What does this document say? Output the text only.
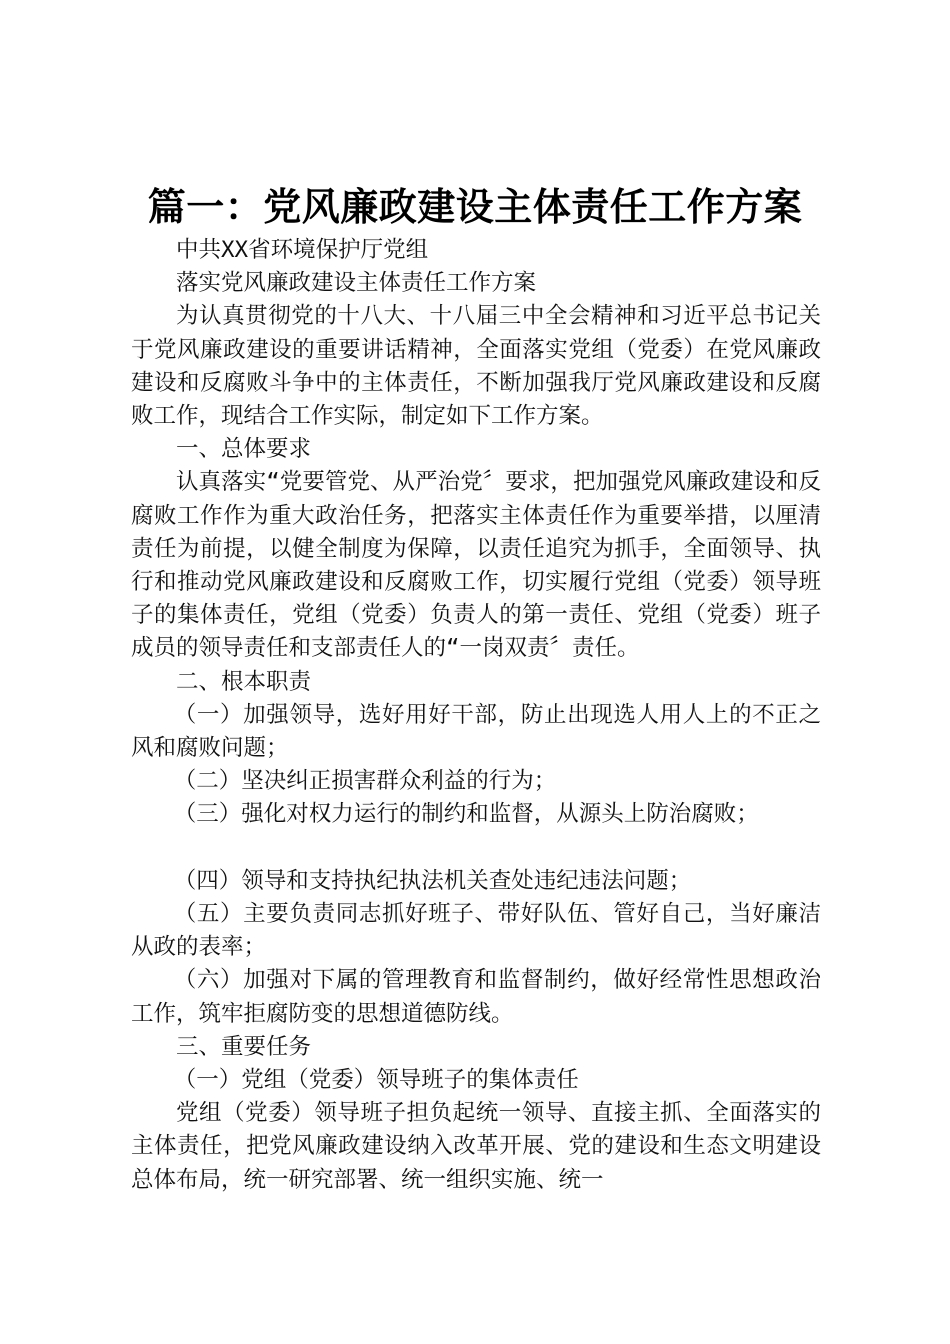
篇一：党风廉政建设主体责任工作方案

中共XX省环境保护厅党组

落实党风廉政建设主体责任工作方案

为认真贯彻党的十八大、十八届三中全会精神和习近平总书记关于党风廉政建设的重要讲话精神，全面落实党组（党委）在党风廉政建设和反腐败斗争中的主体责任，不断加强我厅党风廉政建设和反腐败工作，现结合工作实际，制定如下工作方案。

一、总体要求

认真落实“党要管党、从严治党〞要求，把加强党风廉政建设和反腐败工作作为重大政治任务，把落实主体责任作为重要举措，以厘清责任为前提，以健全制度为保障，以责任追究为抓手，全面领导、执行和推动党风廉政建设和反腐败工作，切实履行党组（党委）领导班子的集体责任，党组（党委）负责人的第一责任、党组（党委）班子成员的领导责任和支部责任人的“一岗双责〞责任。

二、根本职责

（一）加强领导，选好用好干部，防止出现选人用人上的不正之风和腐败问题；

（二）坚决纠正损害群众利益的行为；

（三）强化对权力运行的制约和监督，从源头上防治腐败；

（四）领导和支持执纪执法机关查处违纪违法问题；

（五）主要负责同志抓好班子、带好队伍、管好自己，当好廉洁从政的表率；

（六）加强对下属的管理教育和监督制约，做好经常性思想政治工作，筑牢拒腐防变的思想道德防线。

三、重要任务

（一）党组（党委）领导班子的集体责任

党组（党委）领导班子担负起统一领导、直接主抓、全面落实的主体责任，把党风廉政建设纳入改革开展、党的建设和生态文明建设总体布局，统一研究部署、统一组织实施、统一
